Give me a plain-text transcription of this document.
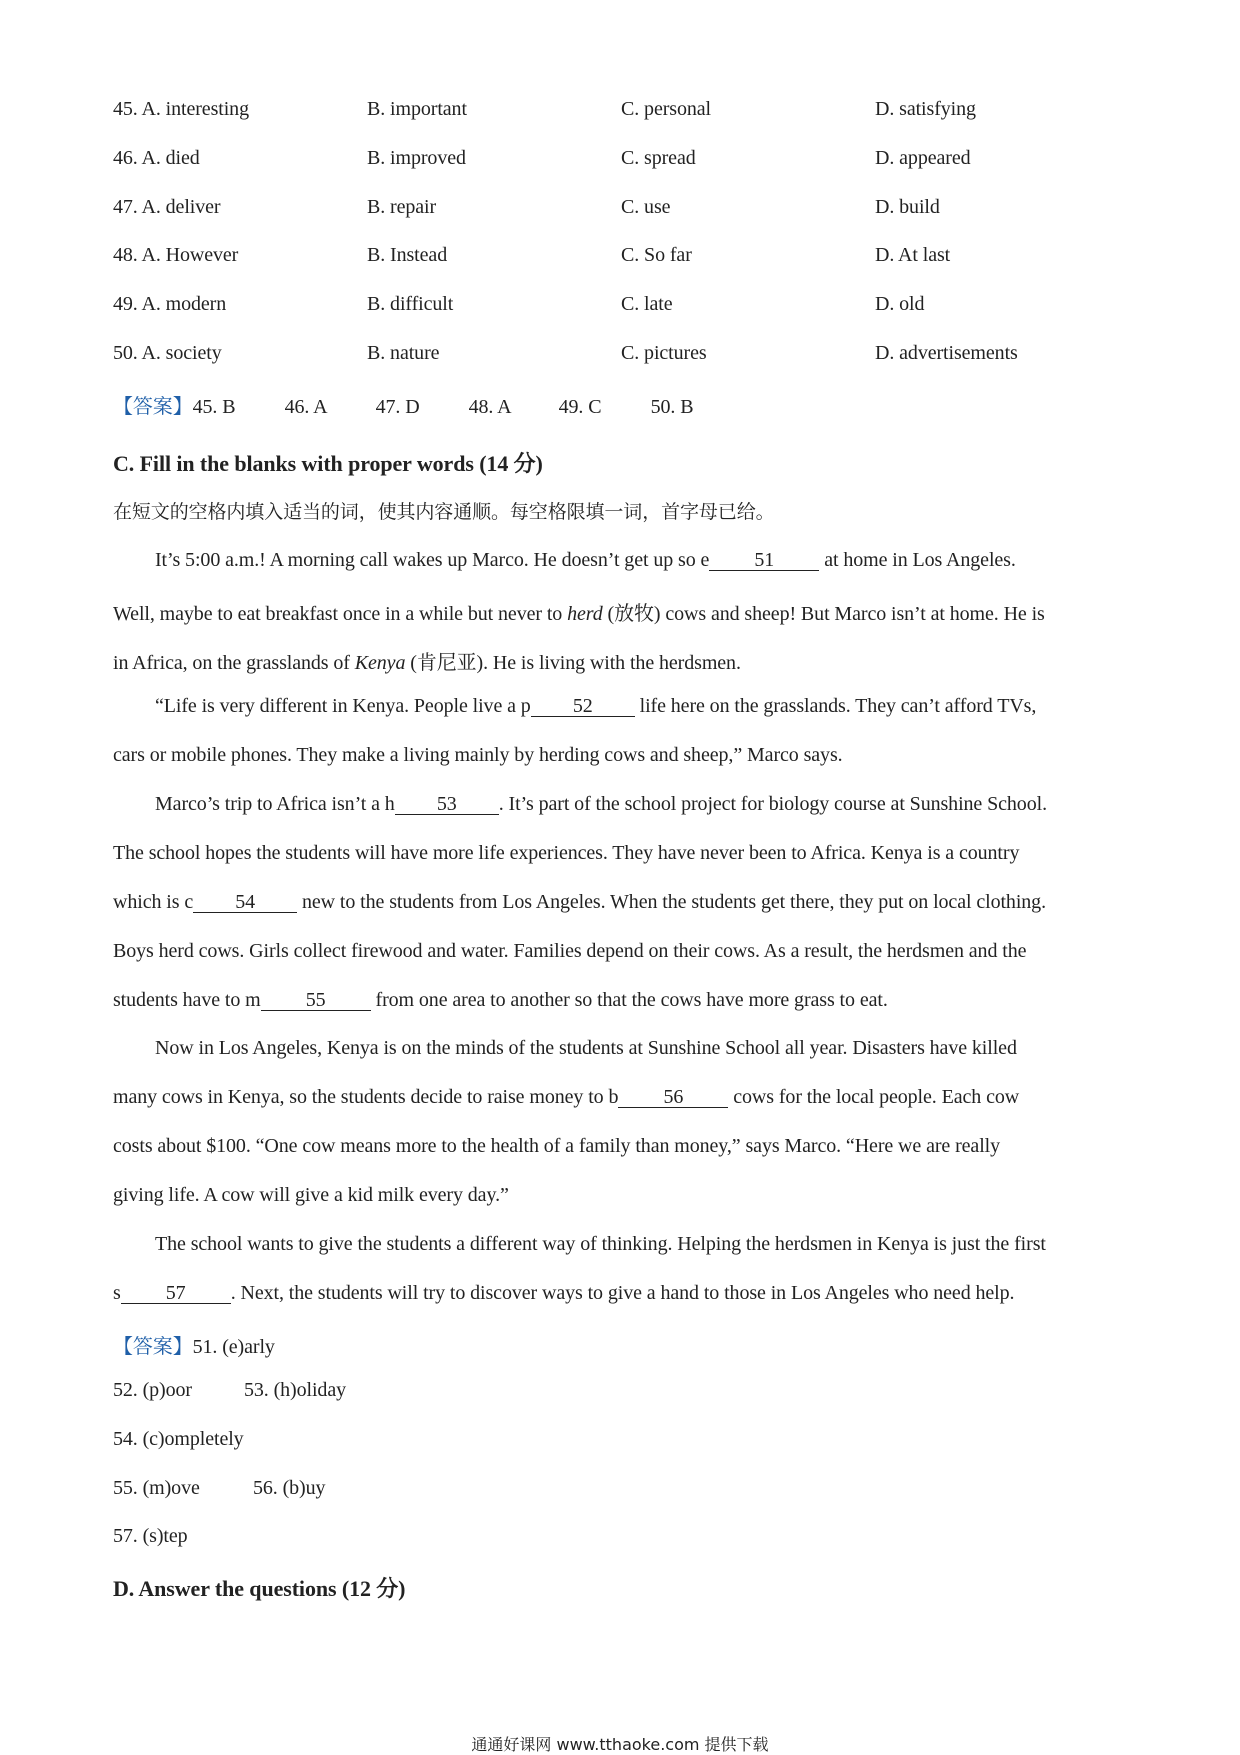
45. A. interesting	B. important	C. personal	D. satisfying
46. A. died	B. improved	C. spread	D. appeared
47. A. deliver	B. repair	C. use	D. build
48. A. However	B. Instead	C. So far	D. At last
49. A. modern	B. difficult	C. late	D. old
50. A. society	B. nature	C. pictures	D. advertisements
【答案】45. B 46. A 47. D 48. A 49. C 50. B
C. Fill in the blanks with proper words (14 分)
在短文的空格内填入适当的词，使其内容通顺。每空格限填一词，首字母已给。
It’s 5:00 a.m.! A morning call wakes up Marco. He doesn’t get up so e 51 at home in Los Angeles.
Well, maybe to eat breakfast once in a while but never to herd (放牧) cows and sheep! But Marco isn’t at home. He is
in Africa, on the grasslands of Kenya (肯尼亚). He is living with the herdsmen.
“Life is very different in Kenya. People live a p 52 life here on the grasslands. They can’t afford TVs,
cars or mobile phones. They make a living mainly by herding cows and sheep,” Marco says.
Marco’s trip to Africa isn’t a h 53 . It’s part of the school project for biology course at Sunshine School.
The school hopes the students will have more life experiences. They have never been to Africa. Kenya is a country
which is c 54 new to the students from Los Angeles. When the students get there, they put on local clothing.
Boys herd cows. Girls collect firewood and water. Families depend on their cows. As a result, the herdsmen and the
students have to m 55 from one area to another so that the cows have more grass to eat.
Now in Los Angeles, Kenya is on the minds of the students at Sunshine School all year. Disasters have killed
many cows in Kenya, so the students decide to raise money to b 56 cows for the local people. Each cow
costs about $100. “One cow means more to the health of a family than money,” says Marco. “Here we are really
giving life. A cow will give a kid milk every day.”
The school wants to give the students a different way of thinking. Helping the herdsmen in Kenya is just the first
s 57 . Next, the students will try to discover ways to give a hand to those in Los Angeles who need help.
【答案】51. (e)arly
52. (p)oor	53. (h)oliday
54. (c)ompletely
55. (m)ove	56. (b)uy
57. (s)tep
D. Answer the questions (12 分)
通通好课网 www.tthaoke.com 提供下载
